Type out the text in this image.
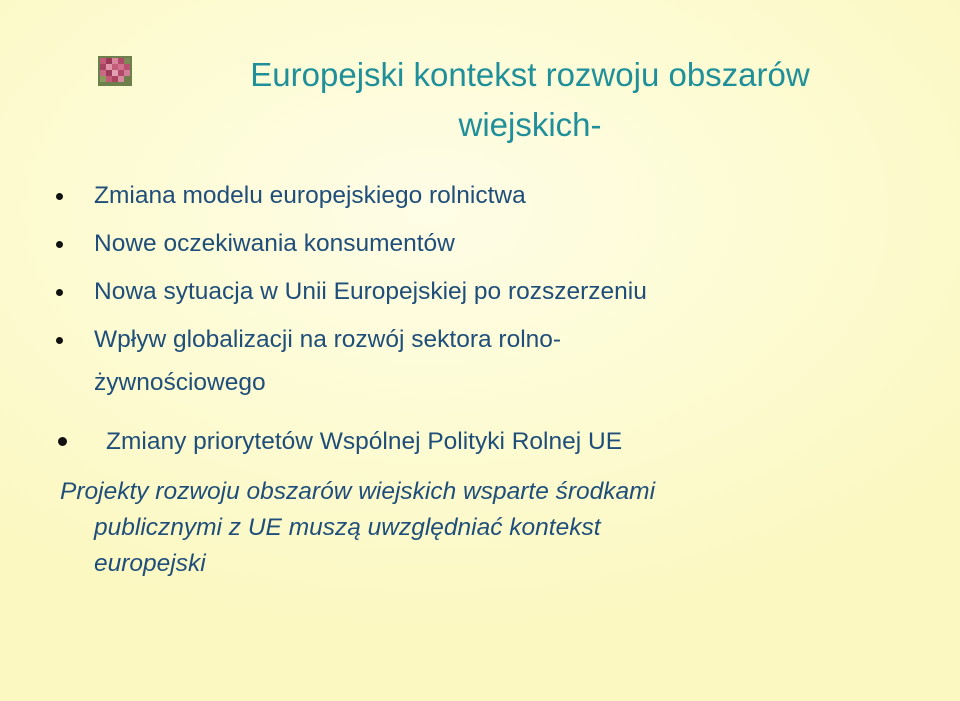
Europejski kontekst rozwoju obszarów
wiejskich-
Zmiana modelu europejskiego rolnictwa
Nowe oczekiwania konsumentów
Nowa sytuacja w Unii Europejskiej po rozszerzeniu
Wpływ globalizacji na rozwój sektora rolno-
żywnościowego
Zmiany priorytetów Wspólnej Polityki Rolnej UE

Projekty rozwoju obszarów wiejskich wsparte środkami
publicznymi z UE muszą uwzględniać kontekst
europejski
